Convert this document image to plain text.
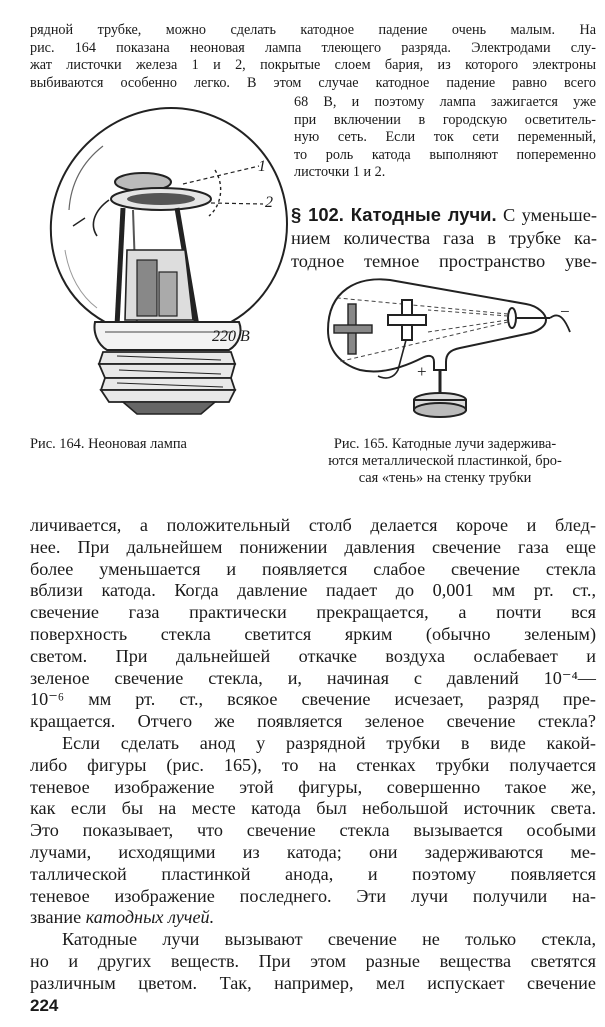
рядной трубке, можно сделать катодное падение очень малым. На
рис. 164 показана неоновая лампа тлеющего разряда. Электродами слу-
жат листочки железа 1 и 2, покрытые слоем бария, из которого электроны
выбиваются особенно легко. В этом случае катодное падение равно всего
68 В, и поэтому лампа зажигается уже
при включении в городскую осветитель-
ную сеть. Если ток сети переменный,
то роль катода выполняют попеременно
листочки 1 и 2.
§ 102. Катодные лучи. С уменьше-
нием количества газа в трубке ка-
тодное темное пространство уве-
1
2
220 В
+
−
Рис. 164. Неоновая лампа	Рис. 165. Катодные лучи задержива-
ются металлической пластинкой, бро-
сая «тень» на стенку трубки
личивается, а положительный столб делается короче и блед-
нее. При дальнейшем понижении давления свечение газа еще
более уменьшается и появляется слабое свечение стекла
вблизи катода. Когда давление падает до 0,001 мм рт. ст.,
свечение газа практически прекращается, а почти вся
поверхность стекла светится ярким (обычно зеленым)
светом. При дальнейшей откачке воздуха ослабевает и
зеленое свечение стекла, и, начиная с давлений 10⁻⁴—
10⁻⁶ мм рт. ст., всякое свечение исчезает, разряд пре-
кращается. Отчего же появляется зеленое свечение стекла?
Если сделать анод у разрядной трубки в виде какой-
либо фигуры (рис. 165), то на стенках трубки получается
теневое изображение этой фигуры, совершенно такое же,
как если бы на месте катода был небольшой источник света.
Это показывает, что свечение стекла вызывается особыми
лучами, исходящими из катода; они задерживаются ме-
таллической пластинкой анода, и поэтому появляется
теневое изображение последнего. Эти лучи получили на-
звание катодных лучей.
Катодные лучи вызывают свечение не только стекла,
но и других веществ. При этом разные вещества светятся
различным цветом. Так, например, мел испускает свечение
224
